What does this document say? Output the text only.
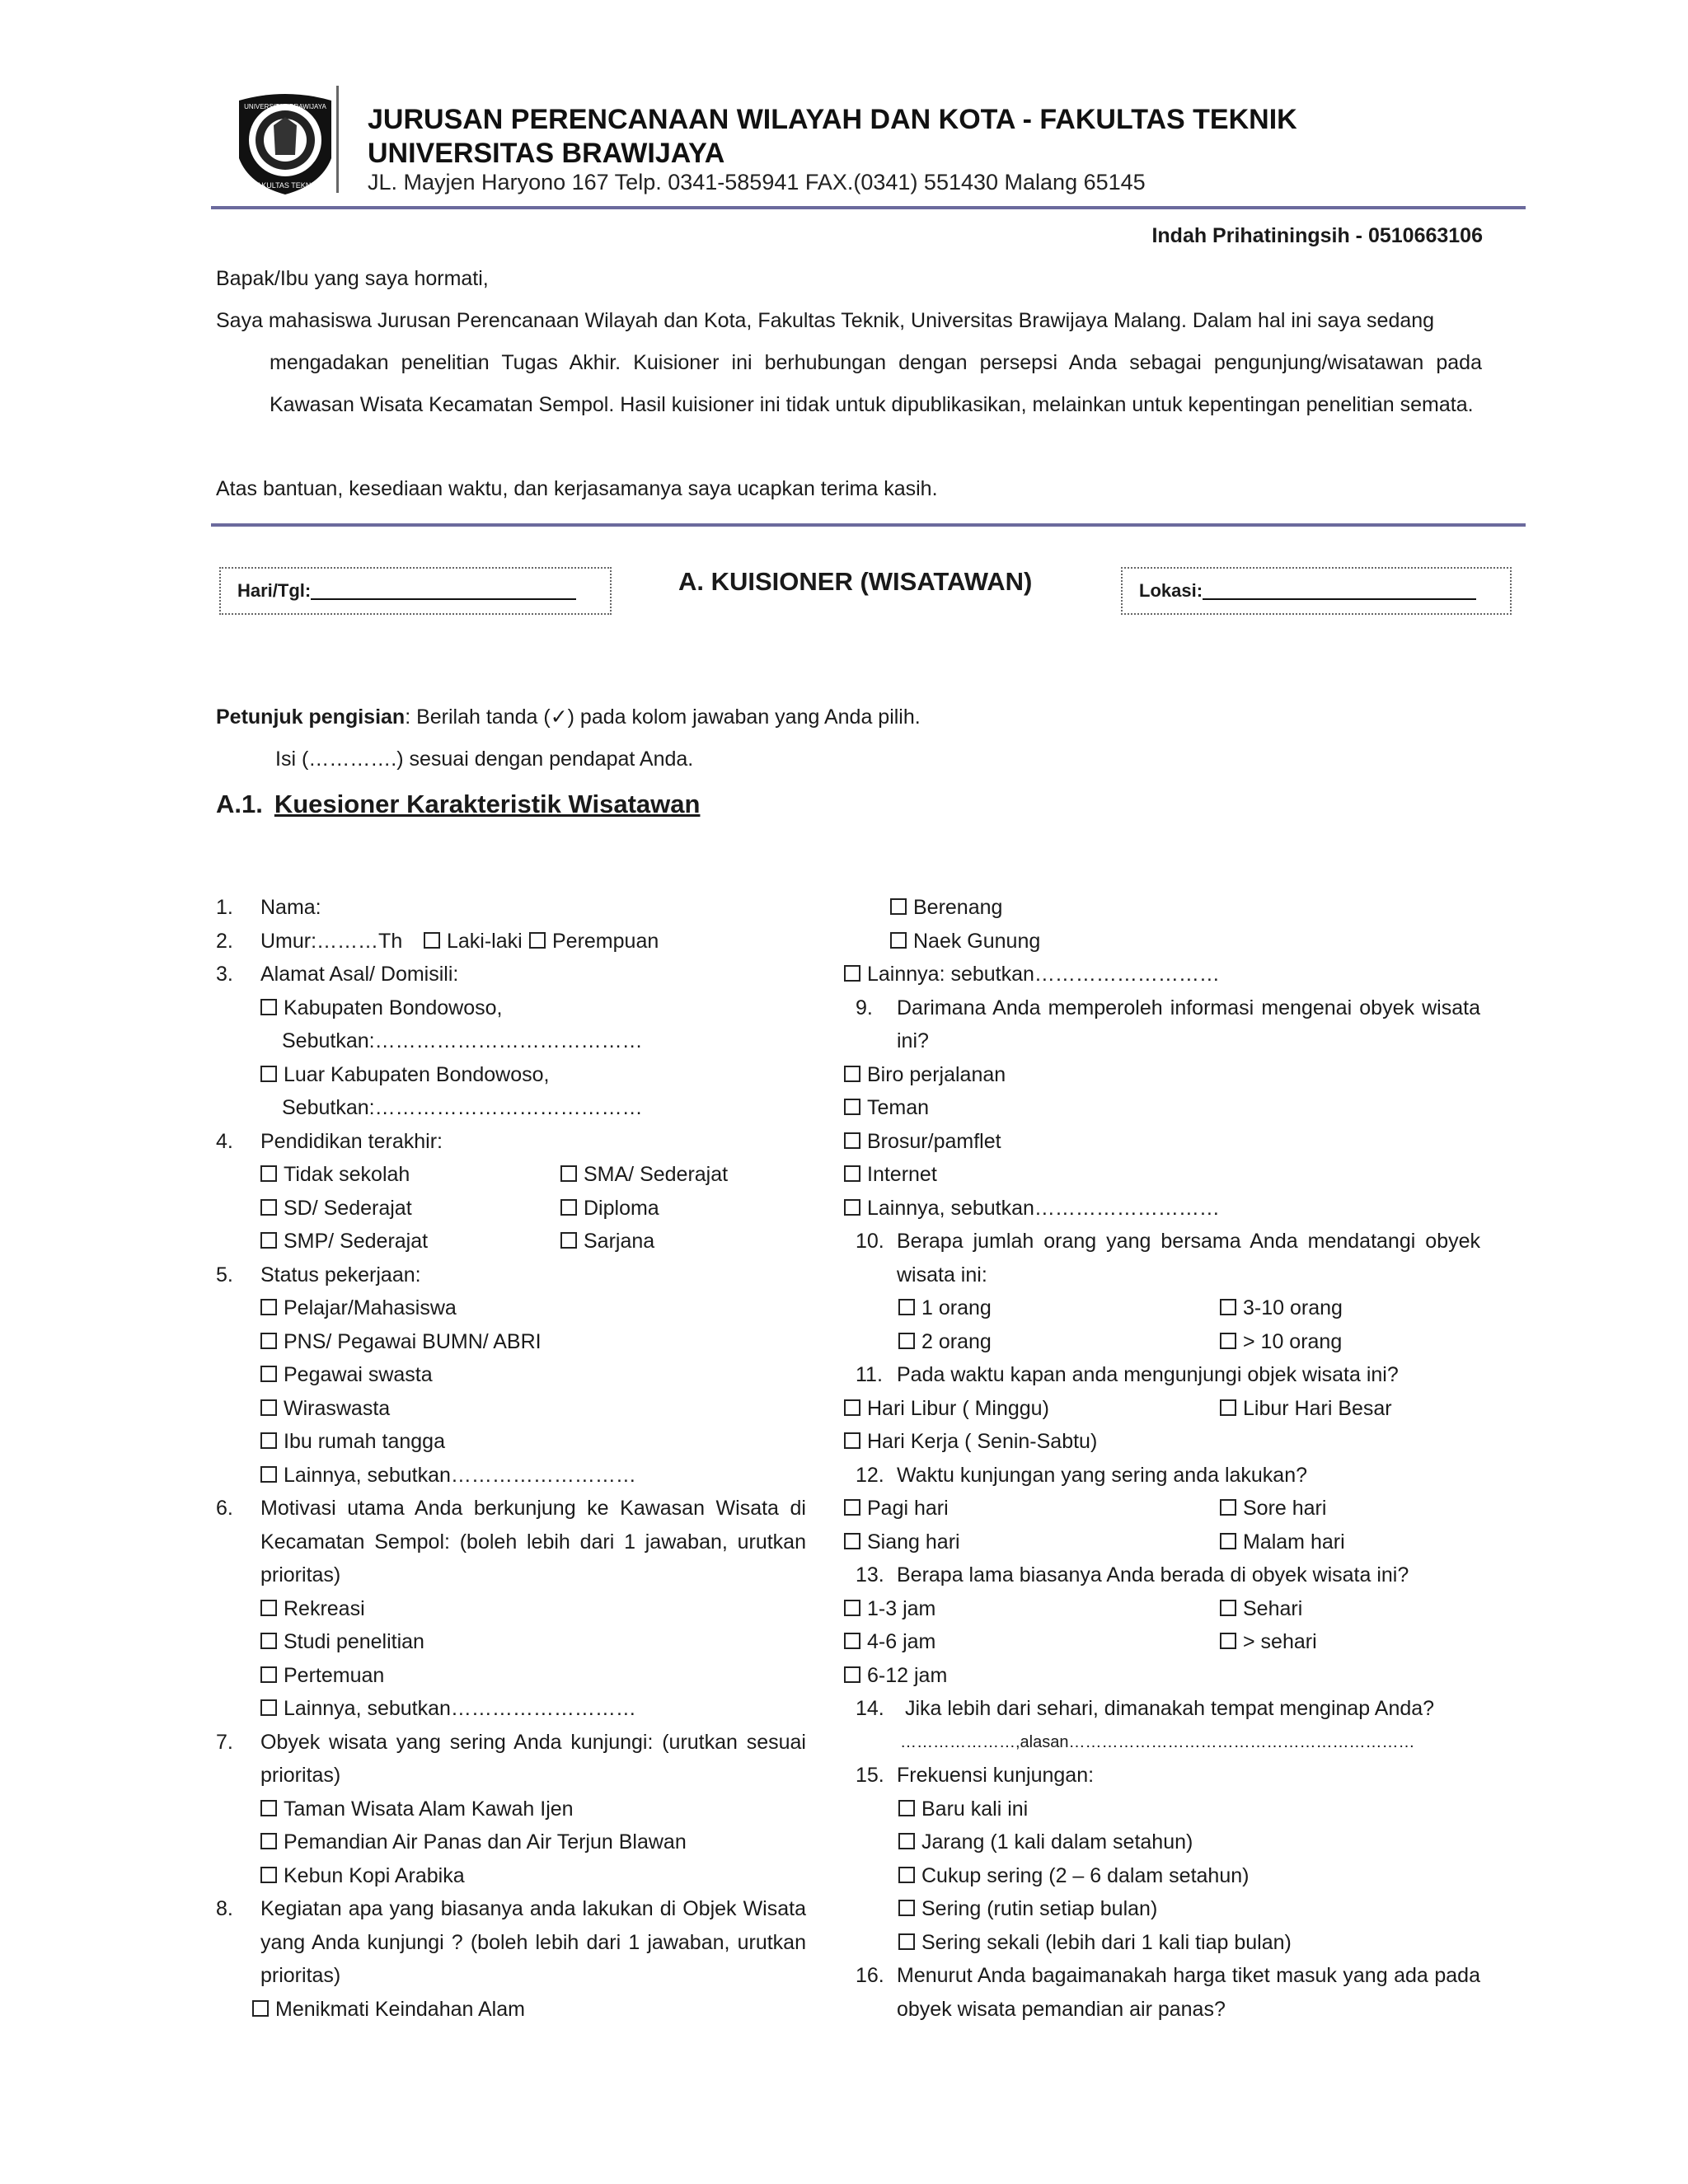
FAKULTAS TEKNIK
UNIVERSITAS BRAWIJAYA JURUSAN PERENCANAAN WILAYAH DAN KOTA - FAKULTAS TEKNIK
UNIVERSITAS BRAWIJAYA
JL. Mayjen Haryono 167 Telp. 0341-585941 FAX.(0341) 551430 Malang 65145
Indah Prihatiningsih - 0510663106
Bapak/Ibu yang saya hormati,
Saya mahasiswa Jurusan Perencanaan Wilayah dan Kota, Fakultas Teknik, Universitas Brawijaya Malang. Dalam hal ini saya sedang
mengadakan penelitian Tugas Akhir. Kuisioner ini berhubungan dengan persepsi Anda sebagai pengunjung/wisatawan pada Kawasan Wisata Kecamatan Sempol. Hasil kuisioner ini tidak untuk dipublikasikan, melainkan untuk kepentingan penelitian semata.
Atas bantuan, kesediaan waktu, dan kerjasamanya saya ucapkan terima kasih.
Hari/Tgl:	A. KUISIONER (WISATAWAN)	Lokasi:
Petunjuk pengisian: Berilah tanda (✓) pada kolom jawaban yang Anda pilih.
Isi (………….) sesuai dengan pendapat Anda.
A.1. Kuesioner Karakteristik Wisatawan
1. Nama:
2. Umur:………Th	Laki-laki	Perempuan
3. Alamat Asal/ Domisili:
Kabupaten Bondowoso,
Sebutkan:…………………………………
Luar Kabupaten Bondowoso,
Sebutkan:…………………………………
4. Pendidikan terakhir:
Tidak sekolah	SMA/ Sederajat
SD/ Sederajat	Diploma
SMP/ Sederajat	Sarjana
5. Status pekerjaan:
Pelajar/Mahasiswa
PNS/ Pegawai BUMN/ ABRI
Pegawai swasta
Wiraswasta
Ibu rumah tangga
Lainnya, sebutkan………………………
6. Motivasi utama Anda berkunjung ke Kawasan Wisata di Kecamatan Sempol: (boleh lebih dari 1 jawaban, urutkan prioritas)
Rekreasi
Studi penelitian
Pertemuan
Lainnya, sebutkan………………………
7. Obyek wisata yang sering Anda kunjungi: (urutkan sesuai prioritas)
Taman Wisata Alam Kawah Ijen
Pemandian Air Panas dan Air Terjun Blawan
Kebun Kopi Arabika
8. Kegiatan apa yang biasanya anda lakukan di Objek Wisata yang Anda kunjungi ? (boleh lebih dari 1 jawaban, urutkan prioritas)
Menikmati Keindahan Alam
Berenang
Naek Gunung
Lainnya: sebutkan………………………
9. Darimana Anda memperoleh informasi mengenai obyek wisata ini?
Biro perjalanan
Teman
Brosur/pamflet
Internet
Lainnya, sebutkan………………………
10. Berapa jumlah orang yang bersama Anda mendatangi obyek wisata ini:
1 orang	3-10 orang
2 orang	> 10 orang
11. Pada waktu kapan anda mengunjungi objek wisata ini?
Hari Libur ( Minggu)	Libur Hari Besar
Hari Kerja ( Senin-Sabtu)
12. Waktu kunjungan yang sering anda lakukan?
Pagi hari	Sore hari
Siang hari	Malam hari
13. Berapa lama biasanya Anda berada di obyek wisata ini?
1-3 jam	Sehari
4-6 jam	> sehari
6-12 jam
14. Jika lebih dari sehari, dimanakah tempat menginap Anda?
…………………,alasan………………………………………………………
15. Frekuensi kunjungan:
Baru kali ini
Jarang (1 kali dalam setahun)
Cukup sering (2 – 6 dalam setahun)
Sering (rutin setiap bulan)
Sering sekali (lebih dari 1 kali tiap bulan)
16. Menurut Anda bagaimanakah harga tiket masuk yang ada pada obyek wisata pemandian air panas?
